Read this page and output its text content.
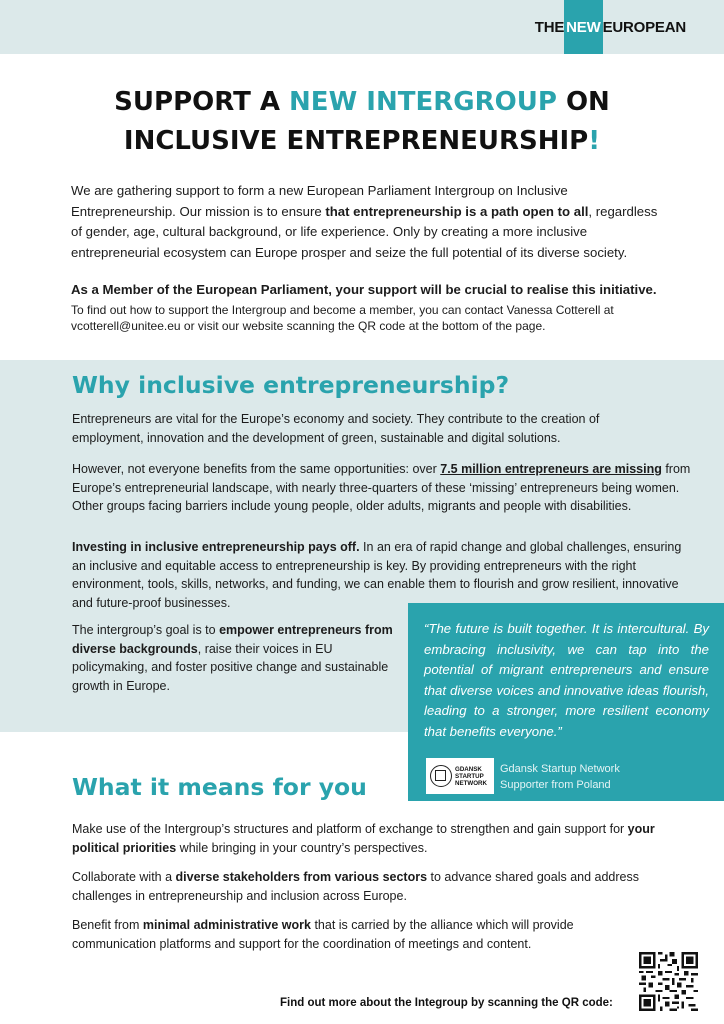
THE NEW EUROPEAN
SUPPORT A NEW INTERGROUP ON
INCLUSIVE ENTREPRENEURSHIP!

We are gathering support to form a new European Parliament Intergroup on Inclusive Entrepreneurship. Our mission is to ensure that entrepreneurship is a path open to all, regardless of gender, age, cultural background, or life experience. Only by creating a more inclusive entrepreneurial ecosystem can Europe prosper and seize the full potential of its diverse society.

As a Member of the European Parliament, your support will be crucial to realise this initiative.

To find out how to support the Intergroup and become a member, you can contact Vanessa Cotterell at vcotterell@unitee.eu or visit our website scanning the QR code at the bottom of the page.

Why inclusive entrepreneurship?

Entrepreneurs are vital for the Europe’s economy and society. They contribute to the creation of employment, innovation and the development of green, sustainable and digital solutions.

However, not everyone benefits from the same opportunities: over 7.5 million entrepreneurs are missing from Europe’s entrepreneurial landscape, with nearly three-quarters of these ‘missing’ entrepreneurs being women. Other groups facing barriers include young people, older adults, migrants and people with disabilities.

Investing in inclusive entrepreneurship pays off. In an era of rapid change and global challenges, ensuring an inclusive and equitable access to entrepreneurship is key. By providing entrepreneurs with the right environment, tools, skills, networks, and funding, we can enable them to flourish and grow resilient, innovative and future-proof businesses.

The intergroup’s goal is to empower entrepreneurs from diverse backgrounds, raise their voices in EU policymaking, and foster positive change and sustainable growth in Europe.

“The future is built together. It is intercultural. By embracing inclusivity, we can tap into the potential of migrant entrepreneurs and ensure that diverse voices and innovative ideas flourish, leading to a stronger, more resilient economy that benefits everyone.”

GDANSK
STARTUP
NETWORK

Gdansk Startup Network
Supporter from Poland

What it means for you

Make use of the Intergroup’s structures and platform of exchange to strengthen and gain support for your political priorities while bringing in your country’s perspectives.

Collaborate with a diverse stakeholders from various sectors to advance shared goals and address challenges in entrepreneurship and inclusion across Europe.

Benefit from minimal administrative work that is carried by the alliance which will provide communication platforms and support for the coordination of meetings and content.

Find out more about the Integroup by scanning the QR code:
